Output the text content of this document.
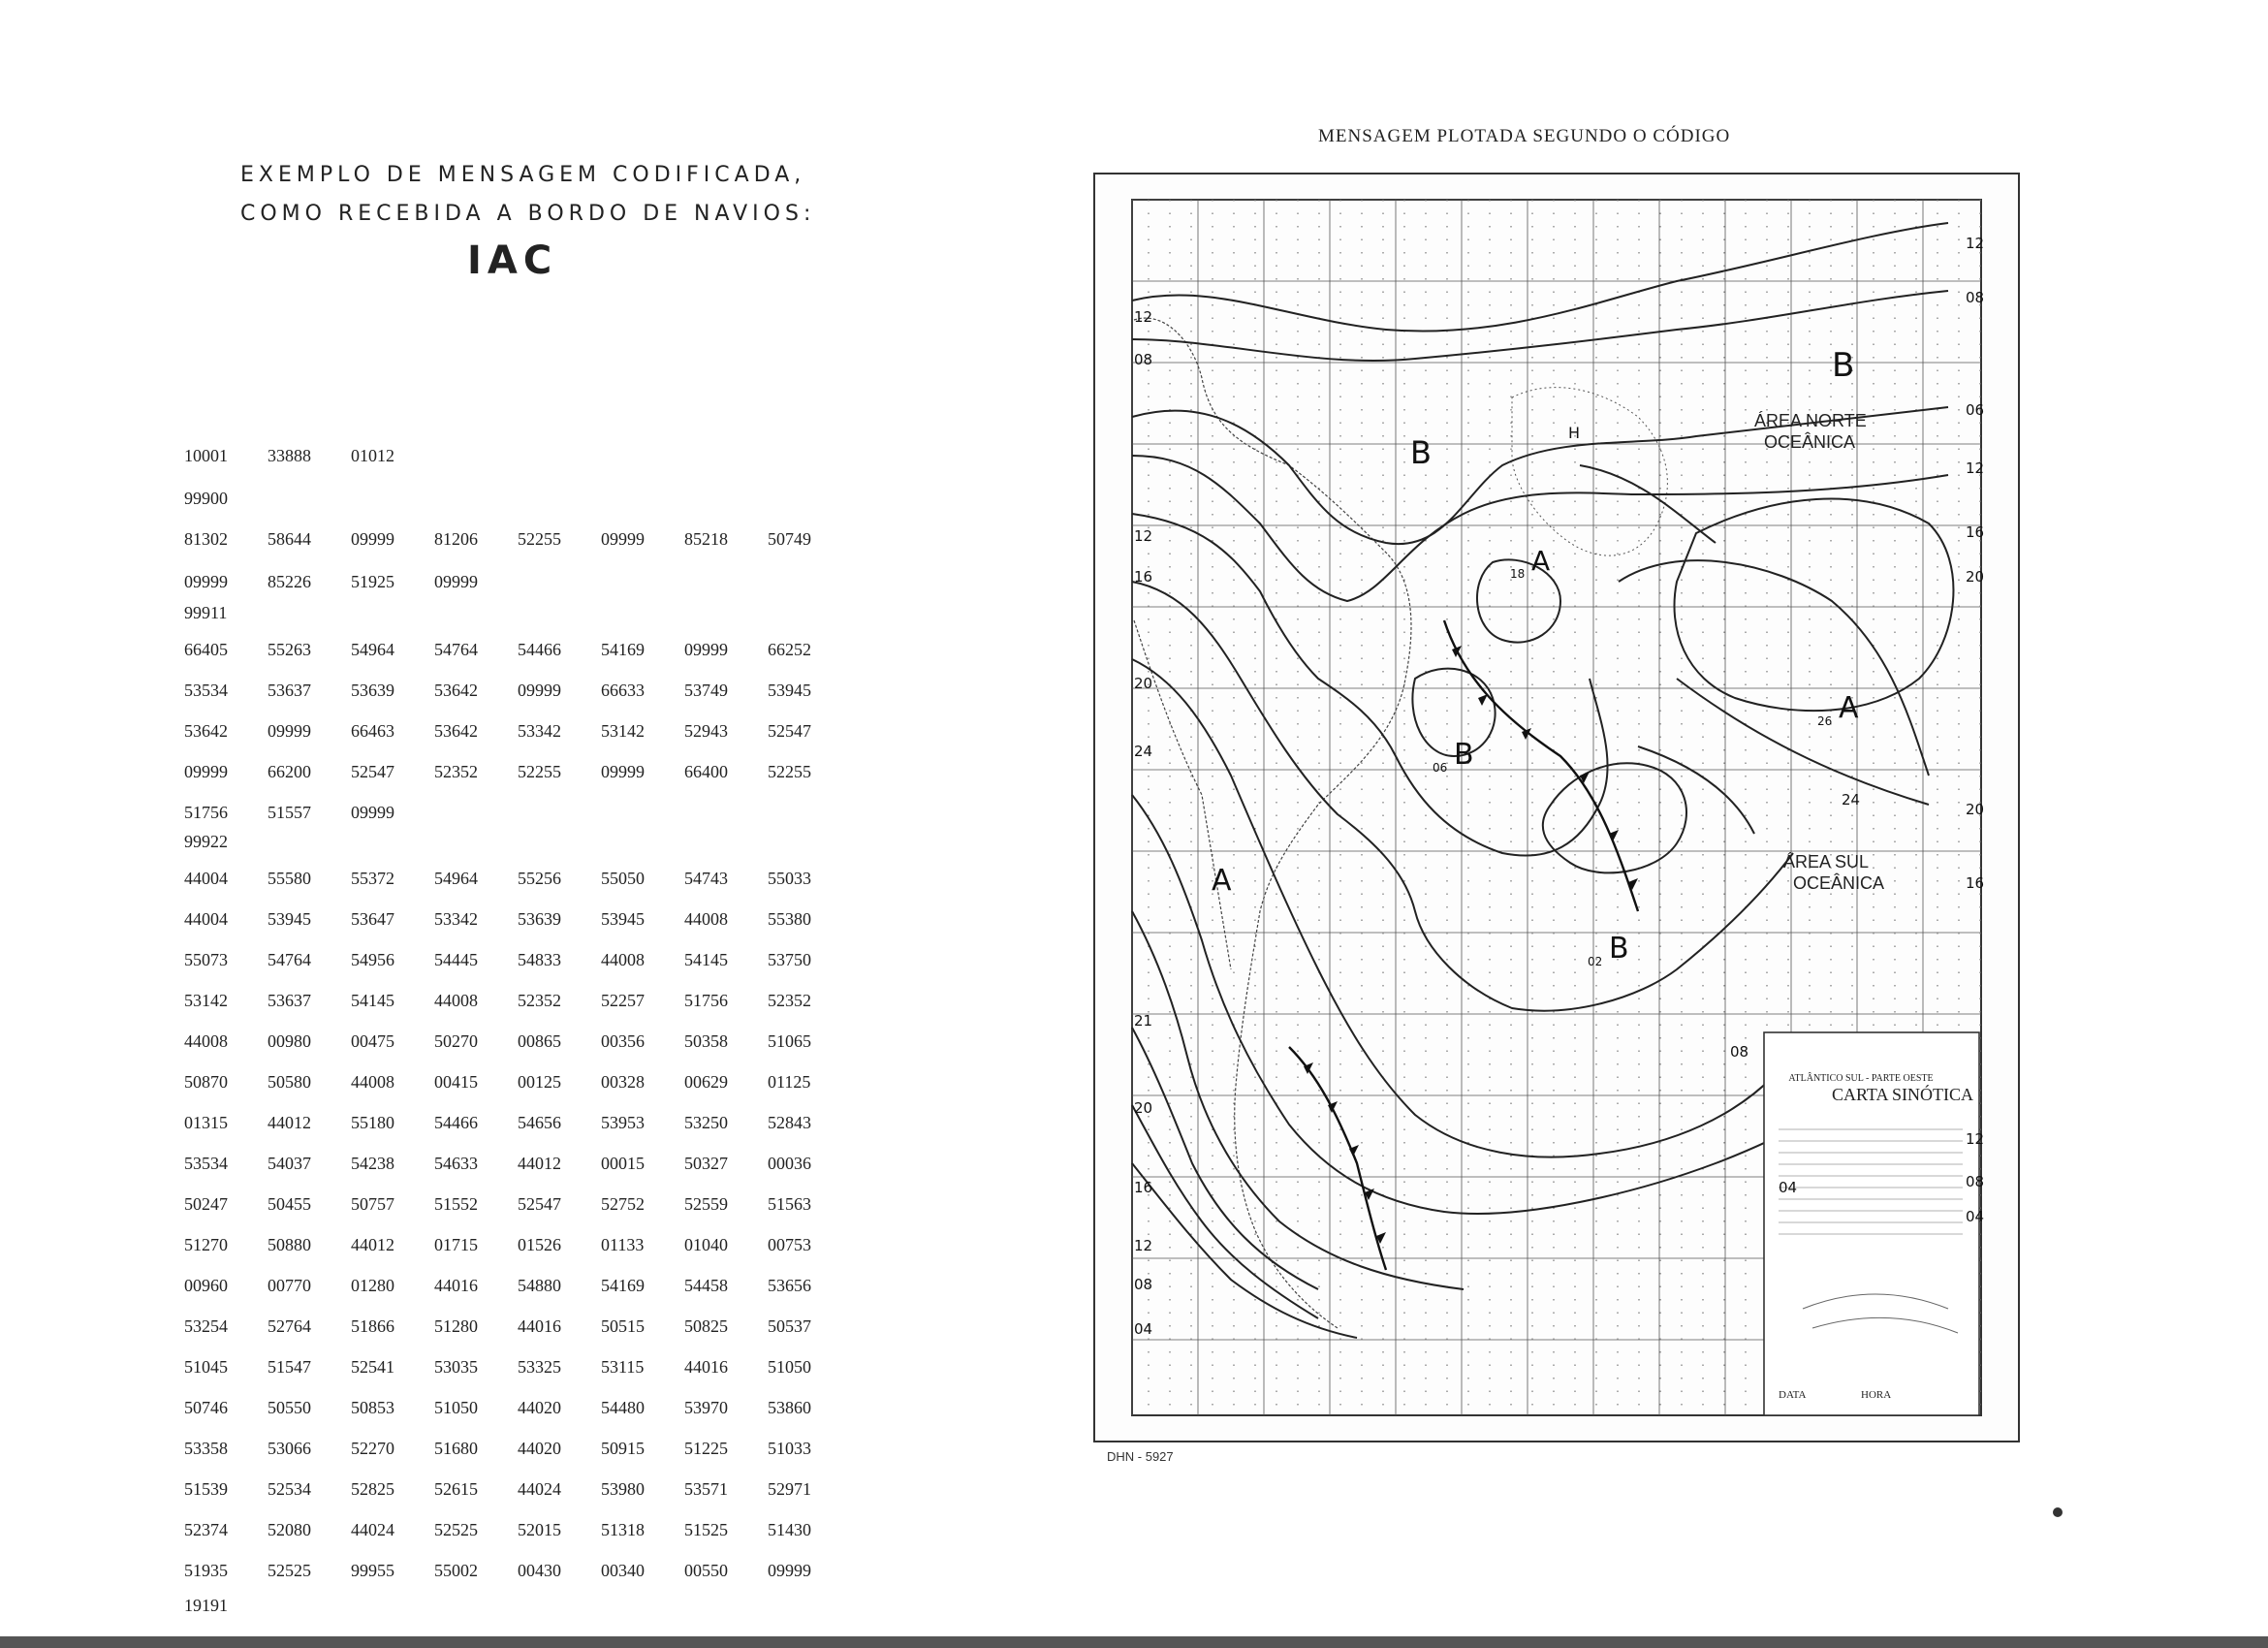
EXEMPLO DE MENSAGEM CODIFICADA,
COMO RECEBIDA A BORDO DE NAVIOS:
IAC
10001 33888 01012
99900
81302 58644 09999 81206 52255 09999 85218 50749
09999 85226 51925 09999
99911
66405 55263 54964 54764 54466 54169 09999 66252
53534 53637 53639 53642 09999 66633 53749 53945
53642 09999 66463 53642 53342 53142 52943 52547
09999 66200 52547 52352 52255 09999 66400 52255
51756 51557 09999
99922
44004 55580 55372 54964 55256 55050 54743 55033
44004 53945 53647 53342 53639 53945 44008 55380
55073 54764 54956 54445 54833 44008 54145 53750
53142 53637 54145 44008 52352 52257 51756 52352
44008 00980 00475 50270 00865 00356 50358 51065
50870 50580 44008 00415 00125 00328 00629 01125
01315 44012 55180 54466 54656 53953 53250 52843
53534 54037 54238 54633 44012 00015 50327 00036
50247 50455 50757 51552 52547 52752 52559 51563
51270 50880 44012 01715 01526 01133 01040 00753
00960 00770 01280 44016 54880 54169 54458 53656
53254 52764 51866 51280 44016 50515 50825 50537
51045 51547 52541 53035 53325 53115 44016 51050
50746 50550 50853 51050 44020 54480 53970 53860
53358 53066 52270 51680 44020 50915 51225 51033
51539 52534 52825 52615 44024 53980 53571 52971
52374 52080 44024 52525 52015 51318 51525 51430
51935 52525 99955 55002 00430 00340 00550 09999
19191
MENSAGEM PLOTADA SEGUNDO O CÓDIGO
B
B
A
18
A
26
B
06
A
B
02
H
ÁREA NORTE
OCEÂNICA
ÁREA SUL
OCEÂNICA
12
08
12
16
20
24
21
20
16
12
08
04
12
08
06
12
16
20
20
16
12
08
04
24
08
04
ATLÂNTICO SUL - PARTE OESTE
CARTA SINÓTICA
DATA	HORA
DHN - 5927
